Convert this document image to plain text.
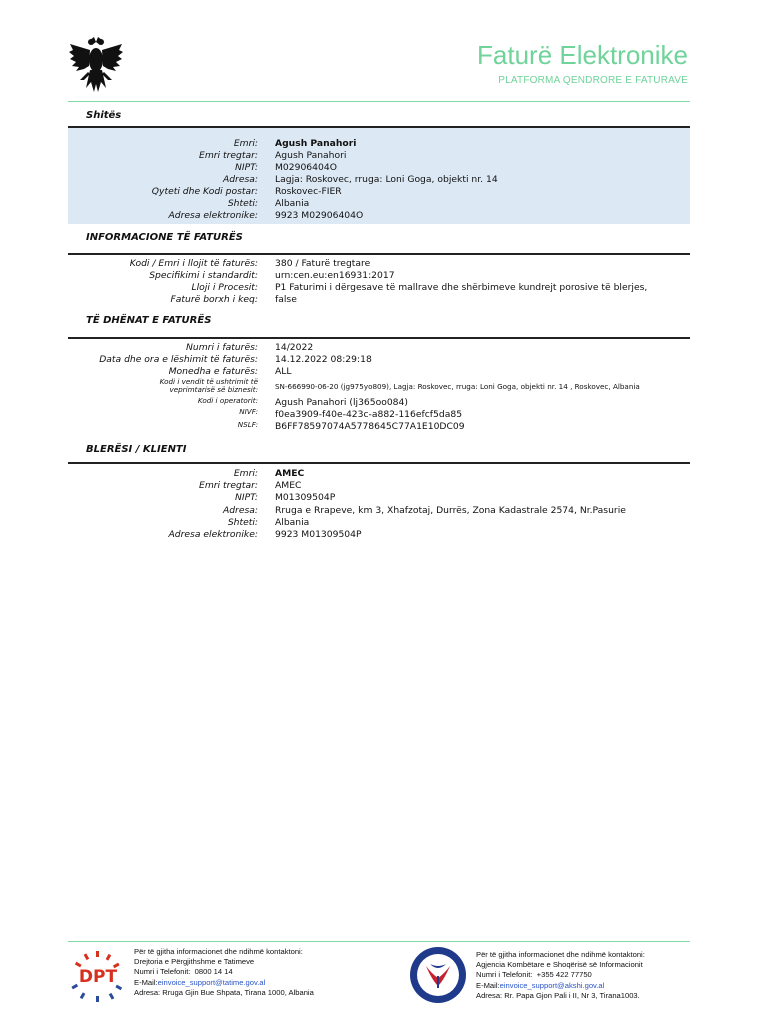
Faturë Elektronike
PLATFORMA QENDRORE E FATURAVE
Shitës
Emri: Agush Panahori
Emri tregtar: Agush Panahori
NIPT: M02906404O
Adresa: Lagja: Roskovec, rruga: Loni Goga, objekti nr. 14
Qyteti dhe Kodi postar: Roskovec-FIER
Shteti: Albania
Adresa elektronike: 9923 M02906404O
INFORMACIONE TË FATURËS
Kodi / Emri i llojit të faturës: 380 / Faturë tregtare
Specifikimi i standardit: urn:cen.eu:en16931:2017
Lloji i Procesit: P1 Faturimi i dërgesave të mallrave dhe shërbimeve kundrejt porosive të blerjes,
Faturë borxh i keq: false
TË DHËNAT E FATURËS
Numri i faturës: 14/2022
Data dhe ora e lëshimit të faturës: 14.12.2022 08:29:18
Monedha e faturës: ALL
Kodi i vendit të ushtrimit të
veprimtarisë së biznesit: SN-666990-06-20 (jg975yo809), Lagja: Roskovec, rruga: Loni Goga, objekti nr. 14 , Roskovec, Albania
Kodi i operatorit: Agush Panahori (lj365oo084)
NIVF: f0ea3909-f40e-423c-a882-116efcf5da85
NSLF: B6FF78597074A5778645C77A1E10DC09
BLERËSI / KLIENTI
Emri: AMEC
Emri tregtar: AMEC
NIPT: M01309504P
Adresa: Rruga e Rrapeve, km 3, Xhafzotaj, Durrës, Zona Kadastrale 2574, Nr.Pasurie
Shteti: Albania
Adresa elektronike: 9923 M01309504P
DPT
Për të gjitha informacionet dhe ndihmë kontaktoni:
Drejtoria e Përgjithshme e Tatimeve
Numri i Telefonit: 0800 14 14
E-Mail:einvoice_support@tatime.gov.al
Adresa: Rruga Gjin Bue Shpata, Tirana 1000, Albania
Për të gjitha informacionet dhe ndihmë kontaktoni:
Agjencia Kombëtare e Shoqërisë së Informacionit
Numri i Telefonit: +355 422 77750
E-Mail:einvoice_support@akshi.gov.al
Adresa: Rr. Papa Gjon Pali i II, Nr 3, Tirana1003.
